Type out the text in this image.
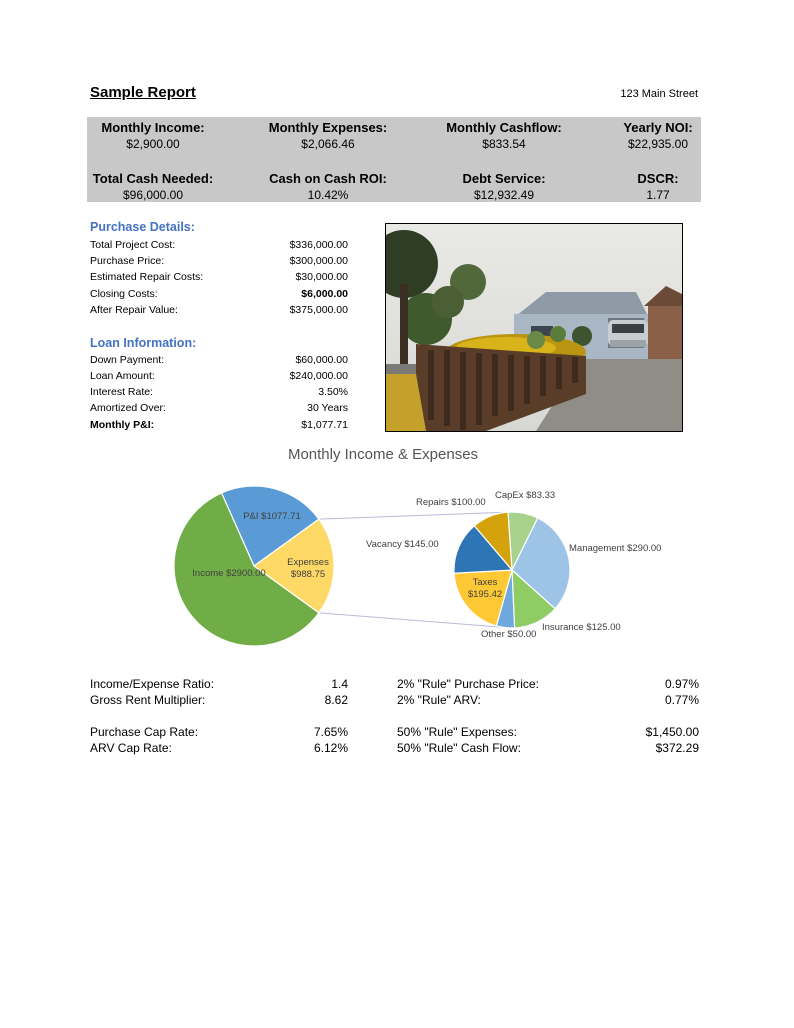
Sample Report	123 Main Street
Monthly Income:
$2,900.00
Monthly Expenses:
$2,066.46
Monthly Cashflow:
$833.54
Yearly NOI:
$22,935.00
Total Cash Needed:
$96,000.00
Cash on Cash ROI:
10.42%
Debt Service:
$12,932.49
DSCR:
1.77
Purchase Details:
Total Project Cost:	$336,000.00
Purchase Price:	$300,000.00
Estimated Repair Costs:	$30,000.00
Closing Costs:	$6,000.00
After Repair Value:	$375,000.00
Loan Information:
Down Payment:	$60,000.00
Loan Amount:	$240,000.00
Interest Rate:	3.50%
Amortized Over:	30 Years
Monthly P&I:	$1,077.71
Monthly Income & Expenses
P&I $1077.71
Income $2900.00
Expenses $988.75
Repairs $100.00
CapEx $83.33
Management $290.00
Vacancy $145.00
Taxes $195.42
Insurance $125.00
Other $50.00
Income/Expense Ratio:	1.4
Gross Rent Multiplier:	8.62
Purchase Cap Rate:	7.65%
ARV Cap Rate:	6.12%
2% "Rule" Purchase Price:	0.97%
2% "Rule" ARV:	0.77%
50% "Rule" Expenses:	$1,450.00
50% "Rule" Cash Flow:	$372.29
